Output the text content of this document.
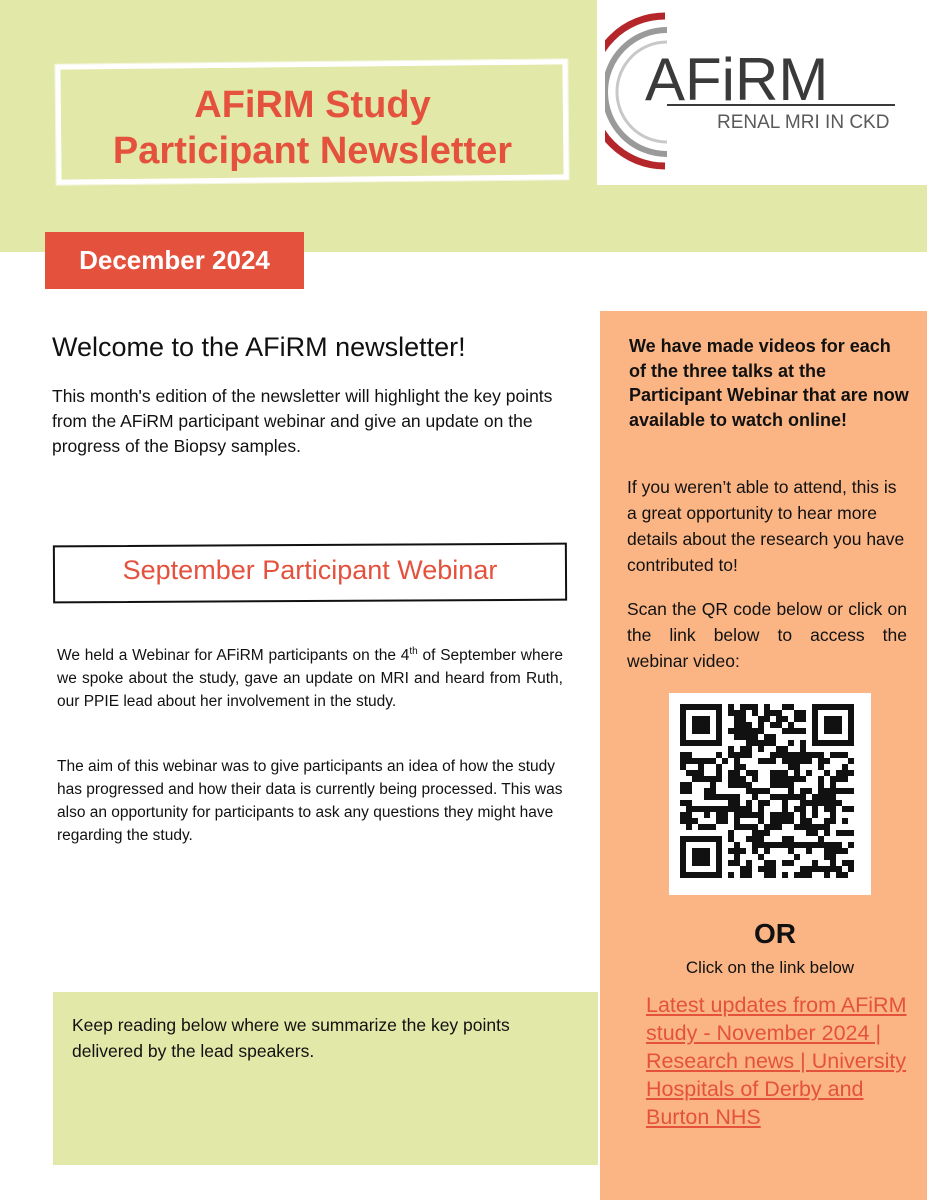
AFiRM Study
Participant Newsletter
AFiRM
RENAL MRI IN CKD
December 2024
Welcome to the AFiRM newsletter!
This month's edition of the newsletter will highlight the key points from the AFiRM participant webinar and give an update on the progress of the Biopsy samples.
September Participant Webinar
We held a Webinar for AFiRM participants on the 4th of September where we spoke about the study, gave an update on MRI and heard from Ruth, our PPIE lead about her involvement in the study.
The aim of this webinar was to give participants an idea of how the study has progressed and how their data is currently being processed. This was also an opportunity for participants to ask any questions they might have regarding the study.
Keep reading below where we summarize the key points delivered by the lead speakers.
We have made videos for each of the three talks at the Participant Webinar that are now available to watch online!
If you weren’t able to attend, this is a great opportunity to hear more details about the research you have contributed to!
Scan the QR code below or click on the link below to access the webinar video:
OR
Click on the link below
Latest updates from AFiRM study - November 2024 | Research news | University Hospitals of Derby and Burton NHS
